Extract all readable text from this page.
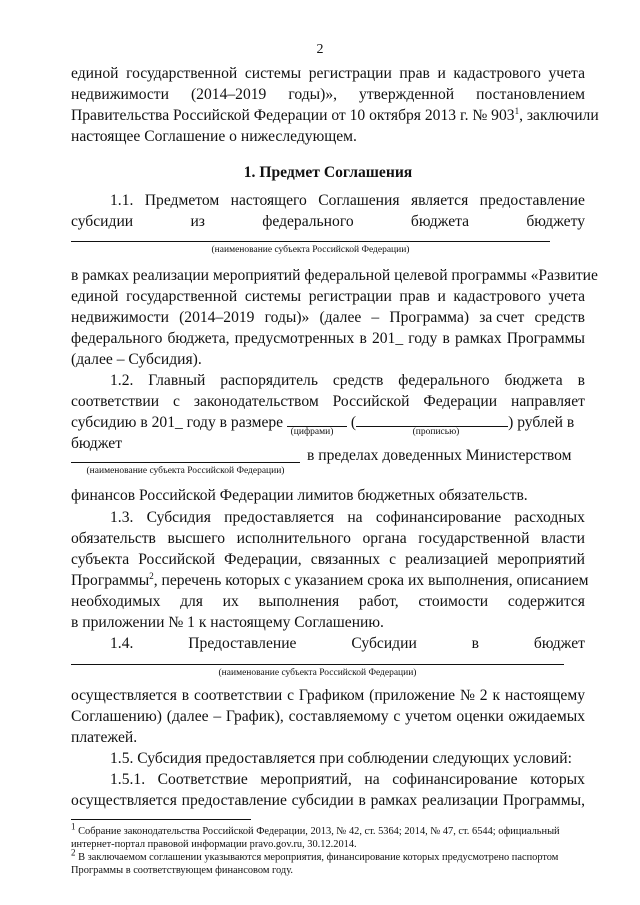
2
единой государственной системы регистрации прав и кадастрового учета
недвижимости (2014–2019 годы)», утвержденной постановлением
Правительства Российской Федерации от 10 октября 2013 г. № $903^1$, заключили
настоящее Соглашение о нижеследующем.
1. Предмет Соглашения
1.1. Предметом настоящего Соглашения является предоставление
субсидии	из	федерального	бюджета	бюджету
(наименование субъекта Российской Федерации)
в рамках реализации мероприятий федеральной целевой программы «Развитие
единой государственной системы регистрации прав и кадастрового учета
недвижимости (2014–2019 годы)» (далее – Программа) за счет средств
федерального бюджета, предусмотренных в 201_ году в рамках Программы
(далее – Субсидия).
1.2. Главный распорядитель средств федерального бюджета в
соответствии с законодательством Российской Федерации направляет
субсидию в 201_ году в размере	(	) рублей в
(цифрами)	(прописью)
бюджет
в пределах доведенных Министерством
(наименование субъекта Российской Федерации)
финансов Российской Федерации лимитов бюджетных обязательств.
1.3. Субсидия предоставляется на софинансирование расходных
обязательств высшего исполнительного органа государственной власти
субъекта Российской Федерации, связанных с реализацией мероприятий
Программы$^2$, перечень которых с указанием срока их выполнения, описанием
необходимых для их выполнения работ, стоимости содержится
в приложении № 1 к настоящему Соглашению.
1.4.	Предоставление	Субсидии	в	бюджет
(наименование субъекта Российской Федерации)
осуществляется в соответствии с Графиком (приложение № 2 к настоящему
Соглашению) (далее – График), составляемому с учетом оценки ожидаемых
платежей.
1.5. Субсидия предоставляется при соблюдении следующих условий:
1.5.1. Соответствие мероприятий, на софинансирование которых
осуществляется предоставление субсидии в рамках реализации Программы,
1 Собрание законодательства Российской Федерации, 2013, № 42, ст. 5364; 2014, № 47, ст. 6544; официальный
интернет-портал правовой информации pravo.gov.ru, 30.12.2014.
2 В заключаемом соглашении указываются мероприятия, финансирование которых предусмотрено паспортом
Программы в соответствующем финансовом году.
